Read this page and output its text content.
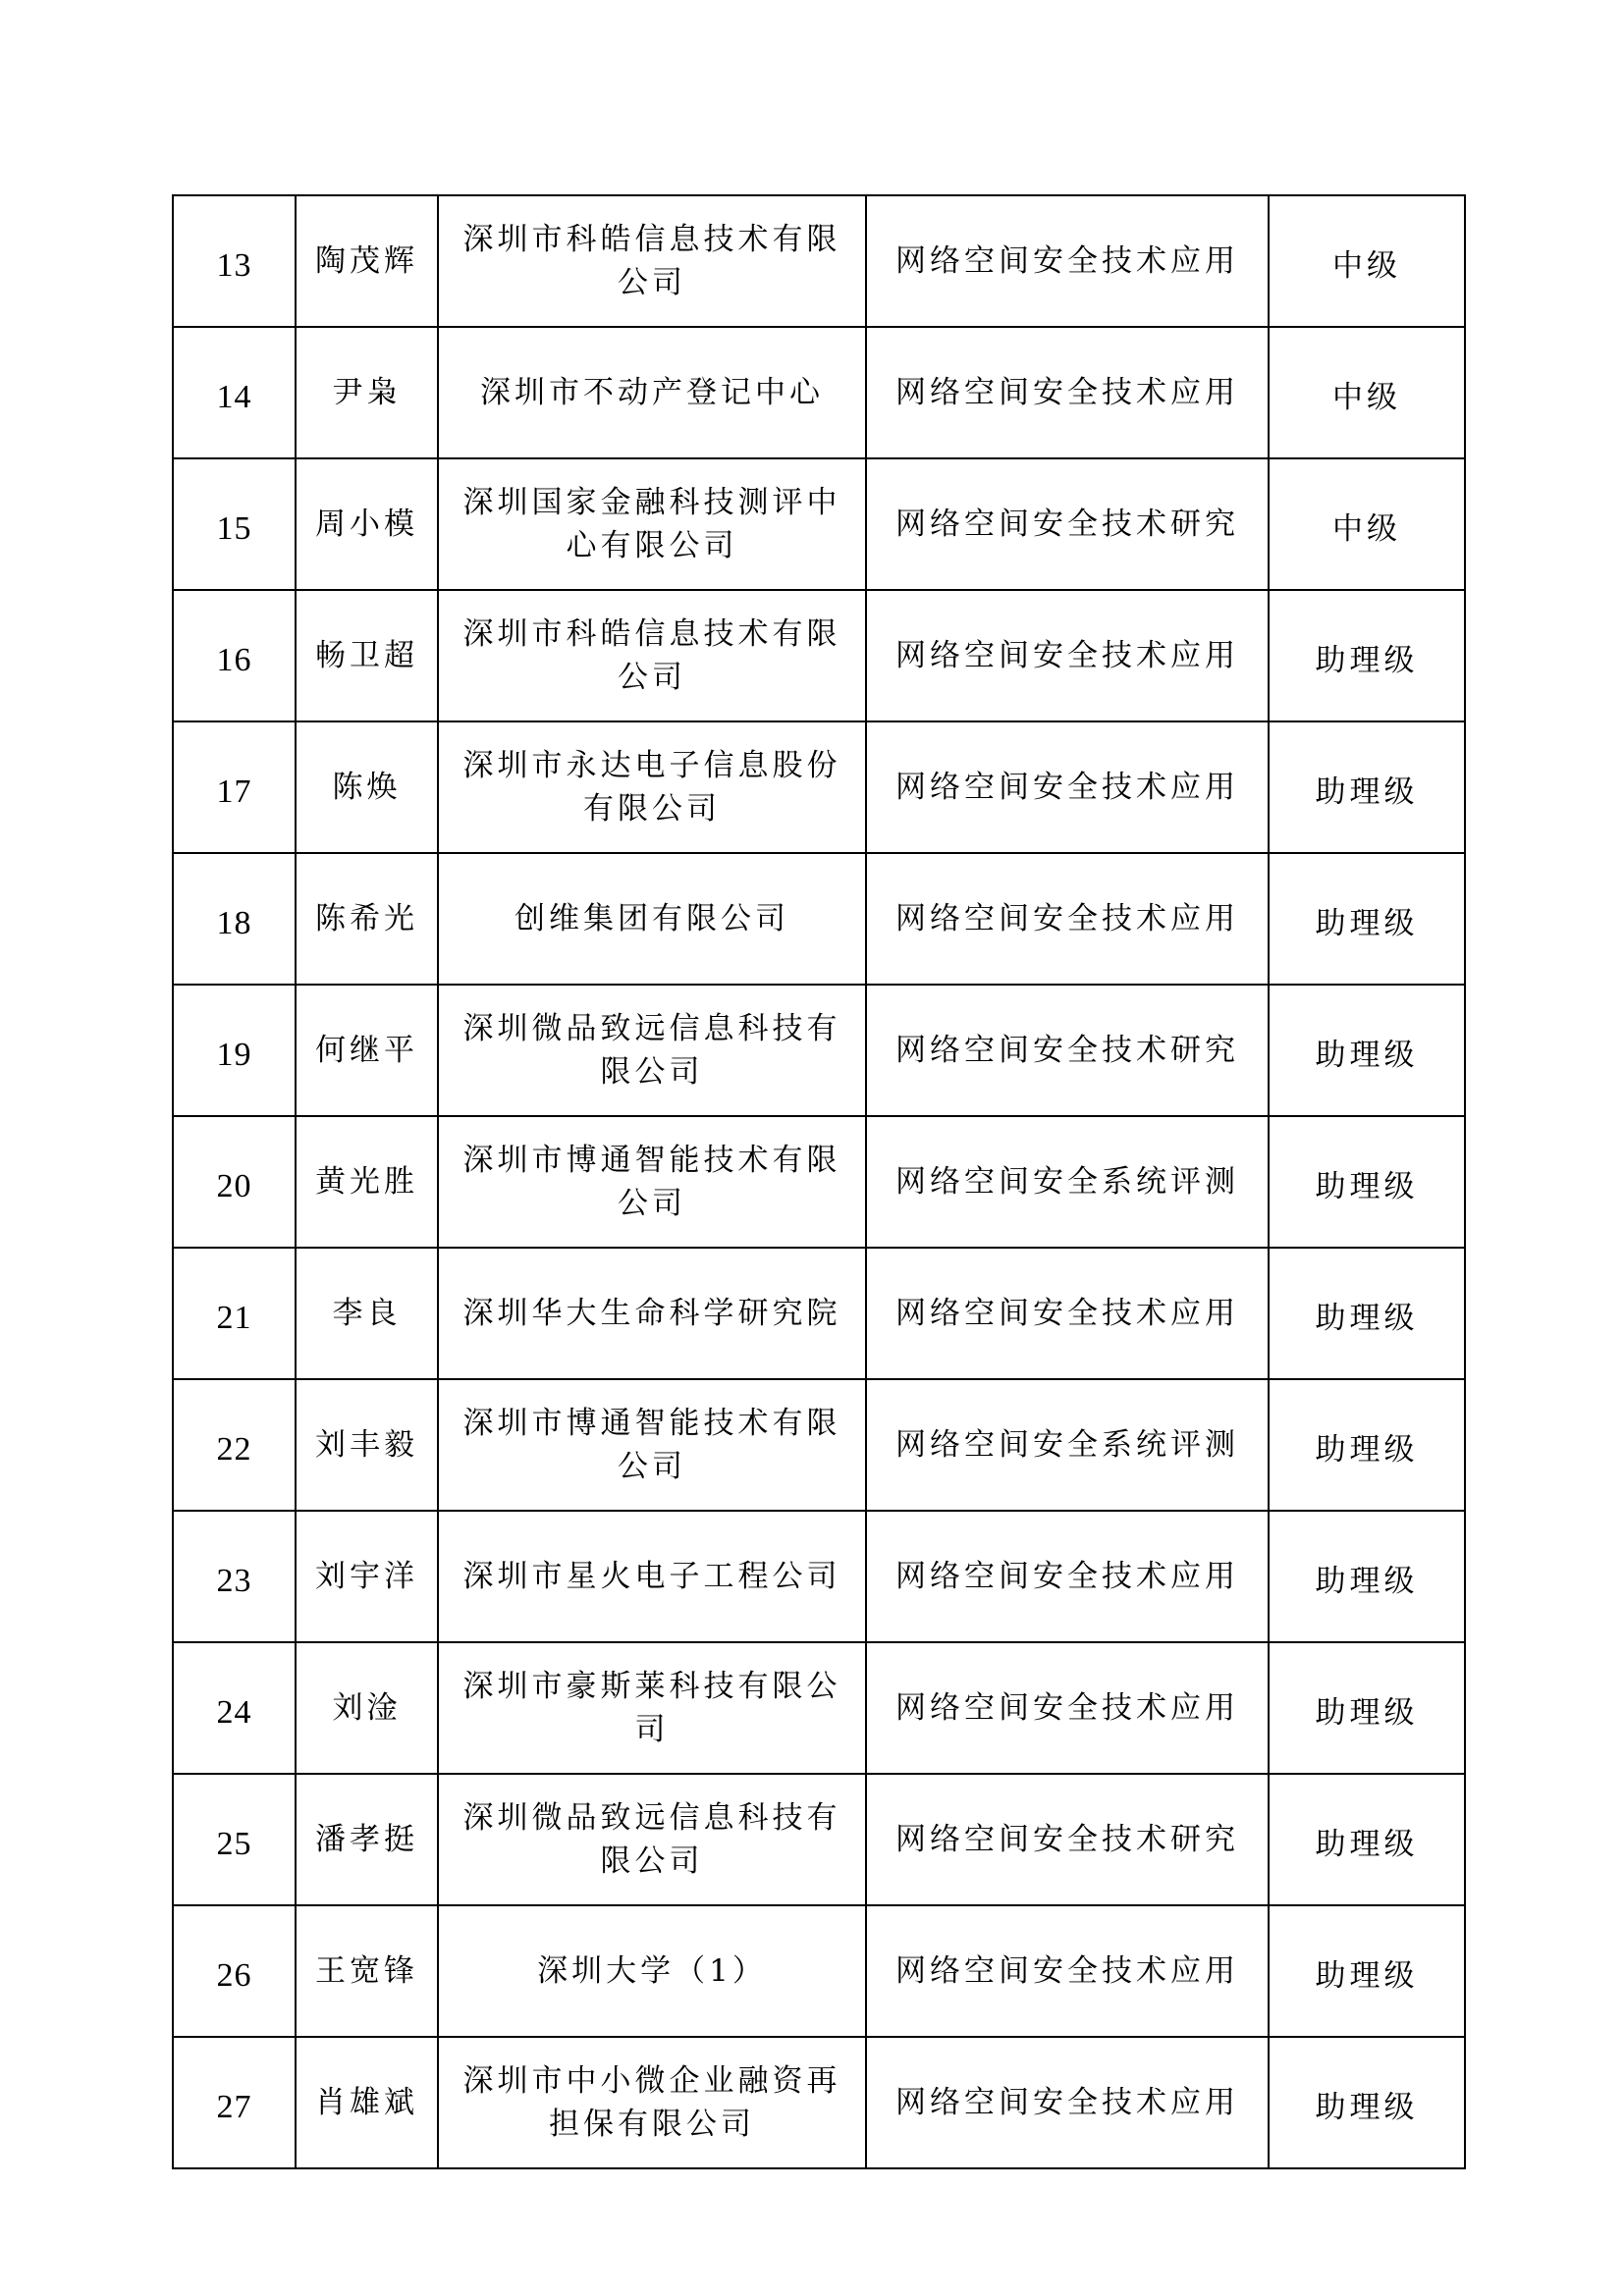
13	陶茂辉	深圳市科皓信息技术有限公司	网络空间安全技术应用	中级
14	尹枭	深圳市不动产登记中心	网络空间安全技术应用	中级
15	周小模	深圳国家金融科技测评中心有限公司	网络空间安全技术研究	中级
16	畅卫超	深圳市科皓信息技术有限公司	网络空间安全技术应用	助理级
17	陈焕	深圳市永达电子信息股份有限公司	网络空间安全技术应用	助理级
18	陈希光	创维集团有限公司	网络空间安全技术应用	助理级
19	何继平	深圳微品致远信息科技有限公司	网络空间安全技术研究	助理级
20	黄光胜	深圳市博通智能技术有限公司	网络空间安全系统评测	助理级
21	李良	深圳华大生命科学研究院	网络空间安全技术应用	助理级
22	刘丰毅	深圳市博通智能技术有限公司	网络空间安全系统评测	助理级
23	刘宇洋	深圳市星火电子工程公司	网络空间安全技术应用	助理级
24	刘淦	深圳市豪斯莱科技有限公司	网络空间安全技术应用	助理级
25	潘孝挺	深圳微品致远信息科技有限公司	网络空间安全技术研究	助理级
26	王宽锋	深圳大学（1）	网络空间安全技术应用	助理级
27	肖雄斌	深圳市中小微企业融资再担保有限公司	网络空间安全技术应用	助理级
